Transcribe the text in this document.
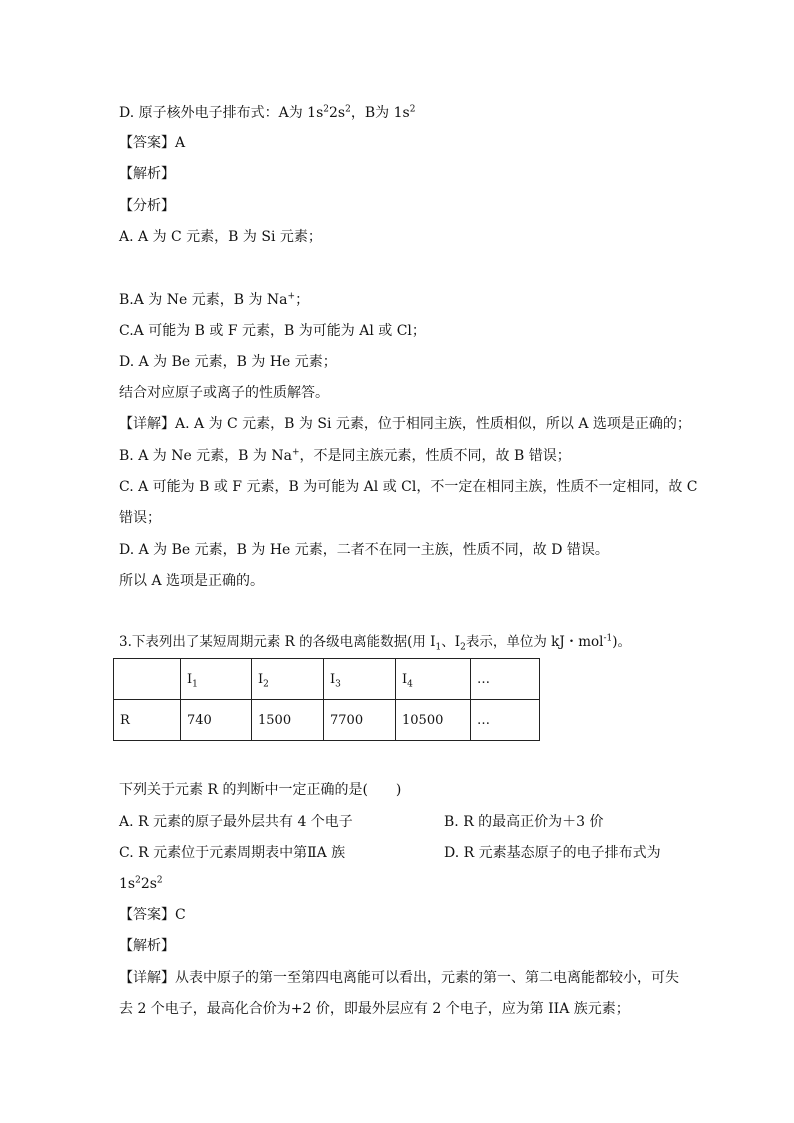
D. 原子核外电子排布式：A为 $1s^22s^2$，B为 $1s^2$
【答案】A
【解析】
【分析】
A. A 为 C 元素，B 为 Si 元素；
B.A 为 Ne 元素，B 为 Na+；
C.A 可能为 B 或 F 元素，B 为可能为 Al 或 Cl；
D. A 为 Be 元素，B 为 He 元素；
结合对应原子或离子的性质解答。
【详解】A. A 为 C 元素，B 为 Si 元素，位于相同主族，性质相似，所以 A 选项是正确的；
B. A 为 Ne 元素，B 为 Na+，不是同主族元素，性质不同，故 B 错误；
C. A 可能为 B 或 F 元素，B 为可能为 Al 或 Cl，不一定在相同主族，性质不一定相同，故 C
错误；
D. A 为 Be 元素，B 为 He 元素，二者不在同一主族，性质不同，故 D 错误。
所以 A 选项是正确的。
3.下表列出了某短周期元素 R 的各级电离能数据(用 $I_1$、$I_2$表示，单位为 kJ・mol$^{-1}$)。
	$I_1$	$I_2$	$I_3$	$I_4$	…
R	740	1500	7700	10500	…
下列关于元素 R 的判断中一定正确的是(　　)
A. R 元素的原子最外层共有 4 个电子	B. R 的最高正价为＋3 价
C. R 元素位于元素周期表中第ⅡA 族	D. R 元素基态原子的电子排布式为
$1s^22s^2$
【答案】C
【解析】
【详解】从表中原子的第一至第四电离能可以看出，元素的第一、第二电离能都较小，可失
去 2 个电子，最高化合价为+2 价，即最外层应有 2 个电子，应为第 IIA 族元素；
